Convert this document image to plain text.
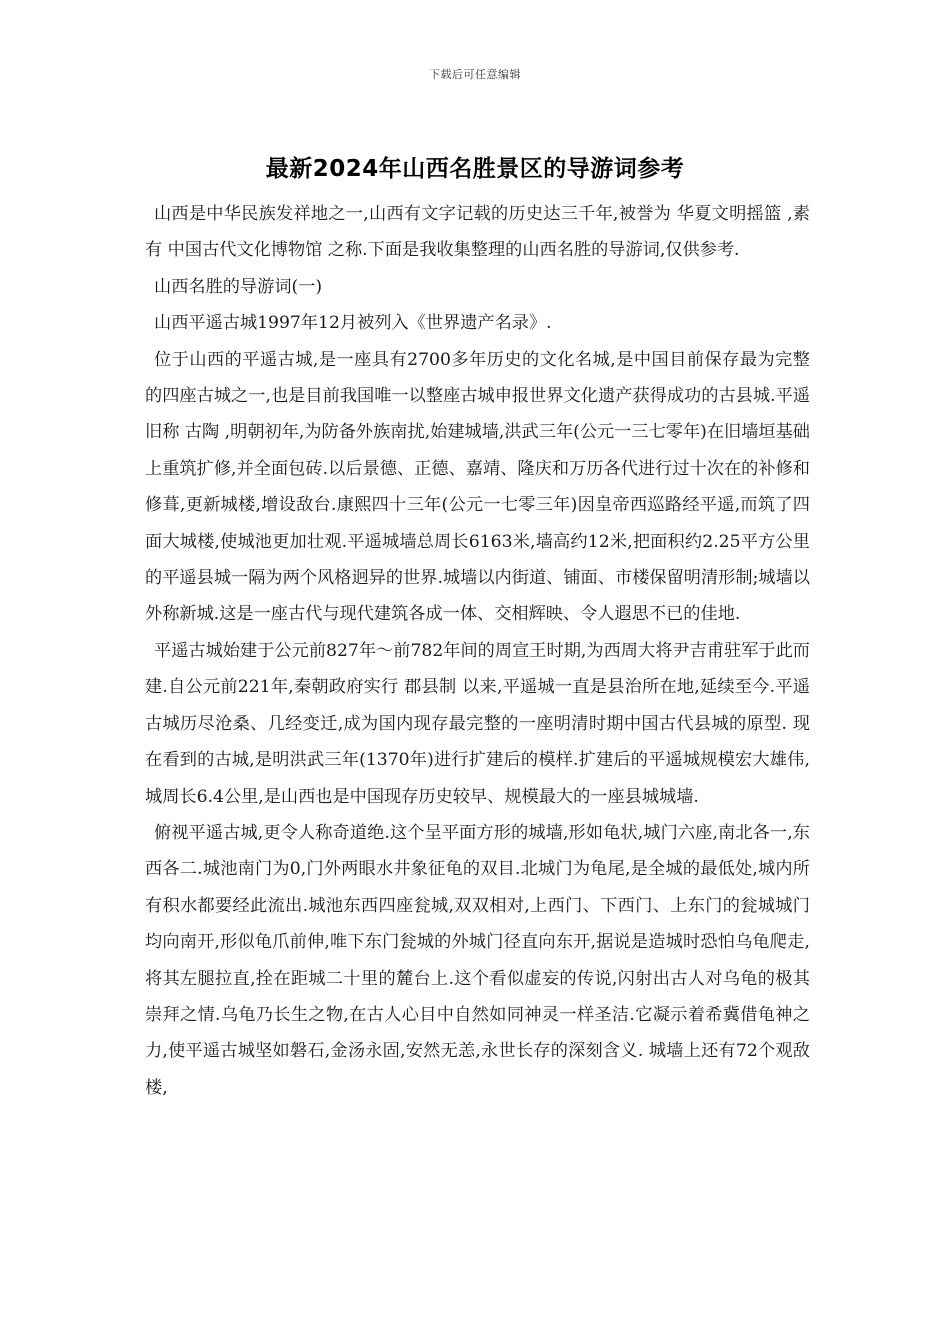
下载后可任意编辑
最新2024年山西名胜景区的导游词参考

山西是中华民族发祥地之一,山西有文字记载的历史达三千年,被誉为 华夏文明摇篮 ,素有 中国古代文化博物馆 之称.下面是我收集整理的山西名胜的导游词,仅供参考.

山西名胜的导游词(一)

山西平遥古城1997年12月被列入《世界遗产名录》.

位于山西的平遥古城,是一座具有2700多年历史的文化名城,是中国目前保存最为完整的四座古城之一,也是目前我国唯一以整座古城申报世界文化遗产获得成功的古县城.平遥旧称 古陶 ,明朝初年,为防备外族南扰,始建城墙,洪武三年(公元一三七零年)在旧墙垣基础上重筑扩修,并全面包砖.以后景德、正德、嘉靖、隆庆和万历各代进行过十次在的补修和修葺,更新城楼,增设敌台.康熙四十三年(公元一七零三年)因皇帝西巡路经平遥,而筑了四面大城楼,使城池更加壮观.平遥城墙总周长6163米,墙高约12米,把面积约2.25平方公里的平遥县城一隔为两个风格迥异的世界.城墙以内街道、铺面、市楼保留明清形制;城墙以外称新城.这是一座古代与现代建筑各成一体、交相辉映、令人遐思不已的佳地.

平遥古城始建于公元前827年～前782年间的周宣王时期,为西周大将尹吉甫驻军于此而建.自公元前221年,秦朝政府实行 郡县制 以来,平遥城一直是县治所在地,延续至今.平遥古城历尽沧桑、几经变迁,成为国内现存最完整的一座明清时期中国古代县城的原型. 现在看到的古城,是明洪武三年(1370年)进行扩建后的模样.扩建后的平遥城规模宏大雄伟,城周长6.4公里,是山西也是中国现存历史较早、规模最大的一座县城城墙.

俯视平遥古城,更令人称奇道绝.这个呈平面方形的城墙,形如龟状,城门六座,南北各一,东西各二.城池南门为0,门外两眼水井象征龟的双目.北城门为龟尾,是全城的最低处,城内所有积水都要经此流出.城池东西四座瓮城,双双相对,上西门、下西门、上东门的瓮城城门均向南开,形似龟爪前伸,唯下东门瓮城的外城门径直向东开,据说是造城时恐怕乌龟爬走,将其左腿拉直,拴在距城二十里的麓台上.这个看似虚妄的传说,闪射出古人对乌龟的极其崇拜之情.乌龟乃长生之物,在古人心目中自然如同神灵一样圣洁.它凝示着希冀借龟神之力,使平遥古城坚如磐石,金汤永固,安然无恙,永世长存的深刻含义. 城墙上还有72个观敌楼,
